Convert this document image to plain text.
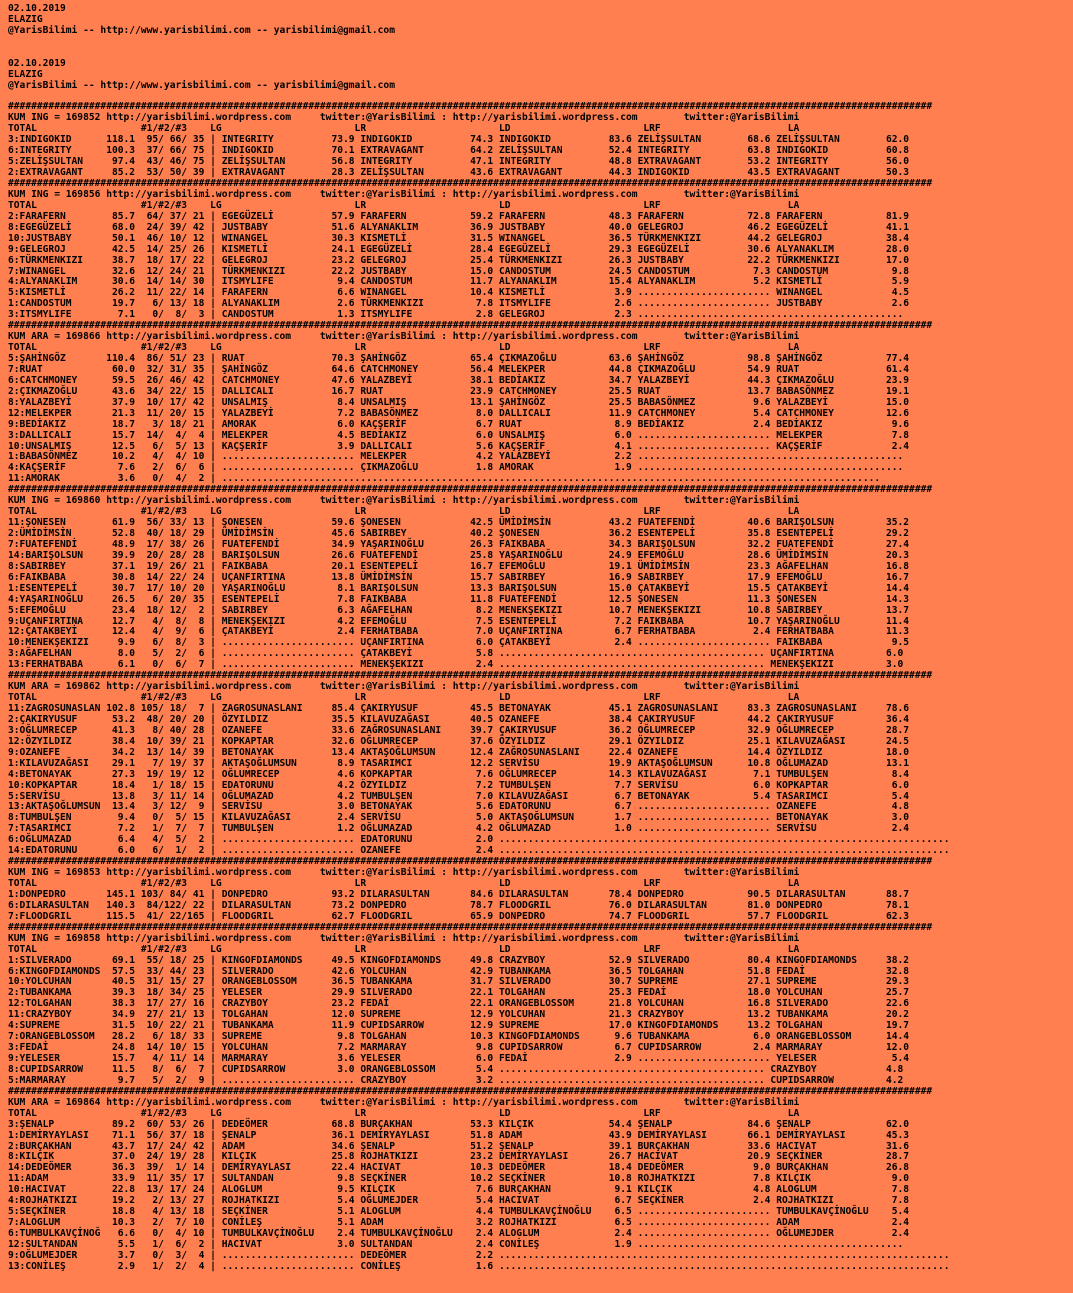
02.10.2019
ELAZIG
@YarisBilimi -- http://www.yarisbilimi.com -- yarisbilimi@gmail.com

02.10.2019
ELAZIG
@YarisBilimi -- http://www.yarisbilimi.com -- yarisbilimi@gmail.com

################################################################################################################################################################
KUM ING = 169852 http://yarisbilimi.wordpress.com     twitter:@YarisBilimi : http://yarisbilimi.wordpress.com        twitter:@YarisBilimi
TOTAL                  #1/#2/#3    LG                       LR                       LD                       LRF                      LA
3:INDIGOKID      118.1  95/ 66/ 35 | INTEGRITY          73.9 INDIGOKID          74.3 INDIGOKID          83.6 ZELİŞSULTAN        68.6 ZELİŞSULTAN        62.0
6:INTEGRITY      100.3  37/ 66/ 75 | INDIGOKID          70.1 EXTRAVAGANT        64.2 ZELİŞSULTAN        52.4 INTEGRITY          63.8 INDIGOKID          60.8
5:ZELİŞSULTAN     97.4  43/ 46/ 75 | ZELİŞSULTAN        56.8 INTEGRITY          47.1 INTEGRITY          48.8 EXTRAVAGANT        53.2 INTEGRITY          56.0
2:EXTRAVAGANT     85.2  53/ 50/ 39 | EXTRAVAGANT        28.3 ZELİŞSULTAN        43.6 EXTRAVAGANT        44.3 INDIGOKID          43.5 EXTRAVAGANT        50.3
################################################################################################################################################################
KUM ING = 169856 http://yarisbilimi.wordpress.com     twitter:@YarisBilimi : http://yarisbilimi.wordpress.com        twitter:@YarisBilimi
TOTAL                  #1/#2/#3    LG                       LR                       LD                       LRF                      LA
2:FARAFERN        85.7  64/ 37/ 21 | EGEGÜZELİ          57.9 FARAFERN           59.2 FARAFERN           48.3 FARAFERN           72.8 FARAFERN           81.9
8:EGEGÜZELİ       68.0  24/ 39/ 42 | JUSTBABY           51.6 ALYANAKLIM         36.9 JUSTBABY           40.0 GELEGROJ           46.2 EGEGÜZELİ          41.1
10:JUSTBABY       50.1  46/ 10/ 12 | WINANGEL           30.3 KISMETLİ           31.5 WINANGEL           36.5 TÜRKMENKIZI        44.2 GELEGROJ           38.4
9:GELEGROJ        42.5  14/ 25/ 26 | KISMETLİ           24.1 EGEGÜZELİ          28.4 EGEGÜZELİ          29.3 EGEGÜZELİ          30.6 ALYANAKLIM         28.0
6:TÜRKMENKIZI     38.7  18/ 17/ 22 | GELEGROJ           23.2 GELEGROJ           25.4 TÜRKMENKIZI        26.3 JUSTBABY           22.2 TÜRKMENKIZI        17.0
7:WINANGEL        32.6  12/ 24/ 21 | TÜRKMENKIZI        22.2 JUSTBABY           15.0 CANDOSTUM          24.5 CANDOSTUM           7.3 CANDOSTUM           9.8
4:ALYANAKLIM      30.6  14/ 14/ 30 | ITSMYLIFE           9.4 CANDOSTUM          11.7 ALYANAKLIM         15.4 ALYANAKLIM          5.2 KISMETLİ            5.9
5:KISMETLİ        26.2  11/ 22/ 14 | FARAFERN            6.6 WINANGEL           10.4 KISMETLİ            3.9 ....................... WINANGEL            4.5
1:CANDOSTUM       19.7   6/ 13/ 18 | ALYANAKLIM          2.6 TÜRKMENKIZI         7.8 ITSMYLIFE           2.6 ....................... JUSTBABY            2.6
3:ITSMYLIFE        7.1   0/  8/  3 | CANDOSTUM           1.3 ITSMYLIFE           2.8 GELEGROJ            2.3 ..............................................
################################################################################################################################################################
KUM ARA = 169866 http://yarisbilimi.wordpress.com     twitter:@YarisBilimi : http://yarisbilimi.wordpress.com        twitter:@YarisBilimi
TOTAL                  #1/#2/#3    LG                       LR                       LD                       LRF                      LA
5:ŞAHİNGÖZ       110.4  86/ 51/ 23 | RUAT               70.3 ŞAHİNGÖZ           65.4 ÇIKMAZOĞLU         63.6 ŞAHİNGÖZ           98.8 ŞAHİNGÖZ           77.4
7:RUAT            60.0  32/ 31/ 35 | ŞAHİNGÖZ           64.6 CATCHMONEY         56.4 MELEKPER           44.8 ÇIKMAZOĞLU         54.9 RUAT               61.4
6:CATCHMONEY      59.5  26/ 46/ 42 | CATCHMONEY         47.6 YALAZBEYİ          38.1 BEDİAKIZ           34.7 YALAZBEYİ          44.3 ÇIKMAZOĞLU         23.9
2:ÇIKMAZOĞLU      43.6  34/ 22/ 15 | DALLICALI          16.7 RUAT               23.9 CATCHMONEY         25.5 RUAT               13.7 BABASÖNMEZ         19.1
8:YALAZBEYİ       37.9  10/ 17/ 42 | UNSALMIŞ            8.4 UNSALMIŞ           13.1 ŞAHİNGÖZ           25.5 BABASÖNMEZ          9.6 YALAZBEYİ          15.0
12:MELEKPER       21.3  11/ 20/ 15 | YALAZBEYİ           7.2 BABASÖNMEZ          8.0 DALLICALI          11.9 CATCHMONEY          5.4 CATCHMONEY         12.6
9:BEDİAKIZ        18.7   3/ 18/ 21 | AMORAK              6.0 KAÇŞERİF            6.7 RUAT                8.9 BEDİAKIZ            2.4 BEDİAKIZ            9.6
3:DALLICALI       15.7  14/  4/  4 | MELEKPER            4.5 BEDİAKIZ            6.0 UNSALMIŞ            6.0 ....................... MELEKPER            7.8
10:UNSALMIŞ       12.5   6/  5/ 13 | KAÇŞERİF            3.9 DALLICALI           5.6 KAÇŞERİF            4.1 ....................... KAÇŞERİF            2.4
1:BABASÖNMEZ      10.2   4/  4/ 10 | ....................... MELEKPER            4.2 YALAZBEYİ           2.2 ..............................................
4:KAÇŞERİF         7.6   2/  6/  6 | ....................... ÇIKMAZOĞLU          1.8 AMORAK              1.9 ..............................................
11:AMORAK          3.6   0/  4/  2 | ..................................................................................................................
################################################################################################################################################################
KUM ING = 169860 http://yarisbilimi.wordpress.com     twitter:@YarisBilimi : http://yarisbilimi.wordpress.com        twitter:@YarisBilimi
TOTAL                  #1/#2/#3    LG                       LR                       LD                       LRF                      LA
11:ŞONESEN        61.9  56/ 33/ 13 | ŞONESEN            59.6 ŞONESEN            42.5 ÜMİDİMSİN          43.2 FUATEFENDİ         40.6 BARIŞOLSUN         35.2
2:ÜMİDİMSİN       52.8  40/ 18/ 29 | ÜMİDİMSİN          45.6 SABIRBEY           40.2 ŞONESEN            36.2 ESENTEPELİ         35.8 ESENTEPELİ         29.2
7:FUATEFENDİ      48.9  17/ 38/ 26 | FUATEFENDİ         34.9 YAŞARINOĞLU        26.3 FAIKBABA           34.3 BARIŞOLSUN         32.2 FUATEFENDİ         27.4
14:BARIŞOLSUN     39.9  20/ 28/ 28 | BARIŞOLSUN         26.6 FUATEFENDİ         25.8 YAŞARINOĞLU        24.9 EFEMOĞLU           28.6 ÜMİDİMSİN          20.3
8:SABIRBEY        37.1  19/ 26/ 21 | FAIKBABA           20.1 ESENTEPELİ         16.7 EFEMOĞLU           19.1 ÜMİDİMSİN          23.3 AĞAFELHAN          16.8
6:FAIKBABA        30.8  14/ 22/ 24 | UÇANFIRTINA        13.8 ÜMİDİMSİN          15.7 SABIRBEY           16.9 SABIRBEY           17.9 EFEMOĞLU           16.7
1:ESENTEPELİ      30.7  17/ 10/ 20 | YAŞARINOĞLU         8.1 BARIŞOLSUN         13.3 BARIŞOLSUN         15.0 ÇATAKBEYİ          15.5 ÇATAKBEYİ          14.4
4:YAŞARINOĞLU     26.5   6/ 20/ 35 | ESENTEPELİ          7.8 FAIKBABA           11.8 FUATEFENDİ         12.5 ŞONESEN            11.3 ŞONESEN            14.3
5:EFEMOĞLU        23.4  18/ 12/  2 | SABIRBEY            6.3 AĞAFELHAN           8.2 MENEKŞEKIZI        10.7 MENEKŞEKIZI        10.8 SABIRBEY           13.7
9:UÇANFIRTINA     12.7   4/  8/  8 | MENEKŞEKIZI         4.2 EFEMOĞLU            7.5 ESENTEPELİ          7.2 FAIKBABA           10.7 YAŞARINOĞLU        11.4
12:ÇATAKBEYİ      12.4   4/  9/  6 | ÇATAKBEYİ           2.4 FERHATBABA          7.0 UÇANFIRTINA         6.7 FERHATBABA          2.4 FERHATBABA         11.3
10:MENEKŞEKIZI     9.9   6/  8/  3 | ....................... UÇANFIRTINA         6.0 ÇATAKBEYİ           2.4 ....................... FAIKBABA            9.5
3:AĞAFELHAN        8.0   5/  2/  6 | ....................... ÇATAKBEYİ           5.8 .............................................. UÇANFIRTINA         6.0
13:FERHATBABA      6.1   0/  6/  7 | ....................... MENEKŞEKIZI         2.4 .............................................. MENEKŞEKIZI         3.0
################################################################################################################################################################
KUM ARA = 169862 http://yarisbilimi.wordpress.com     twitter:@YarisBilimi : http://yarisbilimi.wordpress.com        twitter:@YarisBilimi
TOTAL                  #1/#2/#3    LG                       LR                       LD                       LRF                      LA
11:ZAGROSUNASLAN 102.8 105/ 18/  7 | ZAGROSUNASLANI     85.4 ÇAKIRYUSUF         45.5 BETONAYAK          45.1 ZAGROSUNASLANI     83.3 ZAGROSUNASLANI     78.6
2:ÇAKIRYUSUF      53.2  48/ 20/ 20 | ÖZYILDIZ           35.5 KILAVUZAĞASI       40.5 OZANEFE            38.4 ÇAKIRYUSUF         44.2 ÇAKIRYUSUF         36.4
3:OĞLUMRECEP      41.3   8/ 40/ 28 | OZANEFE            33.6 ZAĞROSUNASLANI     39.7 ÇAKIRYUSUF         36.2 OĞLUMRECEP         32.9 OĞLUMRECEP         28.7
12:ÖZYILDIZ       38.4  10/ 39/ 21 | KOPKAPTAR          32.6 OĞLUMRECEP         37.6 ÖZYILDIZ           29.1 ÖZYILDIZ           25.1 KILAVUZAĞASI       24.5
9:OZANEFE         34.2  13/ 14/ 39 | BETONAYAK          13.4 AKTAŞOĞLUMSUN      12.4 ZAĞROSUNASLANI     22.4 OZANEFE            14.4 ÖZYILDIZ           18.0
1:KILAVUZAĞASI    29.1   7/ 19/ 37 | AKTAŞOĞLUMSUN       8.9 TASARIMCI          12.2 SERVİSU            19.9 AKTAŞOĞLUMSUN      10.8 OĞLUMAZAD          13.1
4:BETONAYAK       27.3  19/ 19/ 12 | OĞLUMRECEP          4.6 KOPKAPTAR           7.6 OĞLUMRECEP         14.3 KILAVUZAĞASI        7.1 TUMBULŞEN           8.4
10:KOPKAPTAR      18.4   1/ 18/ 15 | EDATORUNU           4.2 ÖZYILDIZ            7.2 TUMBULŞEN           7.7 SERVİSU             6.0 KOPKAPTAR           6.0
5:SERVİSU         13.8   3/ 11/ 14 | OĞLUMAZAD           4.2 TUMBULŞEN           7.0 KILAVUZAĞASI        6.7 BETONAYAK           5.4 TASARIMCI           5.4
13:AKTAŞOĞLUMSUN  13.4   3/ 12/  9 | SERVİSU             3.0 BETONAYAK           5.6 EDATORUNU           6.7 ....................... OZANEFE             4.8
8:TUMBULŞEN        9.4   0/  5/ 15 | KILAVUZAĞASI        2.4 SERVİSU             5.0 AKTAŞOĞLUMSUN       1.7 ....................... BETONAYAK           3.0
7:TASARIMCI        7.2   1/  7/  7 | TUMBULŞEN           1.2 OĞLUMAZAD           4.2 OĞLUMAZAD           1.0 ....................... SERVİSU             2.4
6:OĞLUMAZAD        6.4   4/  5/  2 | ....................... EDATORUNU           2.0 ..............................................................................
14:EDATORUNU       6.0   6/  1/  2 | ....................... OZANEFE             2.4 ..............................................................................
################################################################################################################################################################
KUM ING = 169853 http://yarisbilimi.wordpress.com     twitter:@YarisBilimi : http://yarisbilimi.wordpress.com        twitter:@YarisBilimi
TOTAL                  #1/#2/#3    LG                       LR                       LD                       LRF                      LA
1:DONPEDRO       145.1 103/ 84/ 41 | DONPEDRO           93.2 DILARASULTAN       84.6 DILARASULTAN       78.4 DONPEDRO           90.5 DILARASULTAN       88.7
6:DILARASULTAN   140.3  84/122/ 22 | DILARASULTAN       73.2 DONPEDRO           78.7 FLOODGRIL          76.0 DILARASULTAN       81.0 DONPEDRO           78.1
7:FLOODGRIL      115.5  41/ 22/165 | FLOODGRIL          62.7 FLOODGRIL          65.9 DONPEDRO           74.7 FLOODGRIL          57.7 FLOODGRIL          62.3
################################################################################################################################################################
KUM ING = 169858 http://yarisbilimi.wordpress.com     twitter:@YarisBilimi : http://yarisbilimi.wordpress.com        twitter:@YarisBilimi
TOTAL                  #1/#2/#3    LG                       LR                       LD                       LRF                      LA
1:SILVERADO       69.1  55/ 18/ 25 | KINGOFDIAMONDS     49.5 KINGOFDIAMONDS     49.8 CRAZYBOY           52.9 SILVERADO          80.4 KINGOFDIAMONDS     38.2
6:KINGOFDIAMONDS  57.5  33/ 44/ 23 | SILVERADO          42.6 YOLCUHAN           42.9 TUBANKAMA          36.5 TOLGAHAN           51.8 FEDAİ              32.8
10:YOLCUHAN       40.5  31/ 15/ 27 | ORANGEBLOSSOM      36.5 TUBANKAMA          31.7 SILVERADO          30.7 SUPREME            27.1 SUPREME            29.3
2:TUBANKAMA       39.3  18/ 34/ 25 | YELESER            29.9 SILVERADO          22.1 TOLGAHAN           25.3 FEDAİ              18.0 YOLCUHAN           25.7
12:TOLGAHAN       38.3  17/ 27/ 16 | CRAZYBOY           23.2 FEDAİ              22.1 ORANGEBLOSSOM      21.8 YOLCUHAN           16.8 SILVERADO          22.6
11:CRAZYBOY       34.9  27/ 21/ 13 | TOLGAHAN           12.0 SUPREME            12.9 YOLCUHAN           21.3 CRAZYBOY           13.2 TUBANKAMA          20.2
4:SUPREME         31.5  10/ 22/ 21 | TUBANKAMA          11.9 CUPIDSARROW        12.9 SUPREME            17.0 KINGOFDIAMONDS     13.2 TOLGAHAN           19.7
7:ORANGEBLOSSOM   28.2   6/ 18/ 33 | SUPREME             9.8 TOLGAHAN           10.3 KINGOFDIAMONDS      9.6 TUBANKAMA           6.0 ORANGEBLOSSOM      14.4
3:FEDAİ           24.8  14/ 10/ 15 | YOLCUHAN            7.2 MARMARAY            9.8 CUPIDSARROW         6.7 CUPIDSARROW         2.4 MARMARAY           12.0
9:YELESER         15.7   4/ 11/ 14 | MARMARAY            3.6 YELESER             6.0 FEDAİ               2.9 ....................... YELESER             5.4
8:CUPIDSARROW     11.5   8/  6/  7 | CUPIDSARROW         3.0 ORANGEBLOSSOM       5.4 .............................................. CRAZYBOY            4.8
5:MARMARAY         9.7   5/  2/  9 | ....................... CRAZYBOY            3.2 .............................................. CUPIDSARROW         4.2
################################################################################################################################################################
KUM ARA = 169864 http://yarisbilimi.wordpress.com     twitter:@YarisBilimi : http://yarisbilimi.wordpress.com        twitter:@YarisBilimi
TOTAL                  #1/#2/#3    LG                       LR                       LD                       LRF                      LA
3:ŞENALP          89.2  60/ 53/ 26 | DEDEÖMER           68.8 BURÇAKHAN          53.3 KILÇIK             54.4 ŞENALP             84.6 ŞENALP             62.0
1:DEMİRYAYLASI    71.1  56/ 37/ 18 | ŞENALP             36.1 DEMİRYAYLASI       51.8 ADAM               43.9 DEMİRYAYLASI       66.1 DEMİRYAYLASI       45.3
2:BURÇAKHAN       43.7  17/ 24/ 42 | ADAM               34.6 ŞENALP             51.2 ŞENALP             39.1 BURÇAKHAN          33.6 HACIVAT            31.6
8:KILÇIK          37.0  24/ 19/ 28 | KILÇIK             25.8 ROJHATKIZI         23.2 DEMİRYAYLASI       26.7 HACIVAT            20.9 SEÇKİNER           28.7
14:DEDEÖMER       36.3  39/  1/ 14 | DEMİRYAYLASI       22.4 HACIVAT            10.3 DEDEÖMER           18.4 DEDEÖMER            9.0 BURÇAKHAN          26.8
11:ADAM           33.9  11/ 35/ 17 | SULTANDAN           9.8 SEÇKİNER           10.2 SEÇKİNER           10.8 ROJHATKIZI          7.8 KILÇIK              9.0
10:HACIVAT        22.8  13/ 17/ 24 | ALOGLUM             9.5 KILÇIK              7.6 BURÇAKHAN           9.1 KILÇIK              4.8 ALOGLUM             7.8
4:ROJHATKIZI      19.2   2/ 13/ 27 | ROJHATKIZI          5.4 OĞLUMEJDER          5.4 HACIVAT             6.7 SEÇKİNER            2.4 ROJHATKIZI          7.8
5:SEÇKİNER        18.8   4/ 13/ 18 | SEÇKİNER            5.1 ALOGLUM             4.4 TUMBULKAVÇİNOĞLU    6.5 ....................... TUMBULKAVÇİNOĞLU    5.4
7:ALOGLUM         10.3   2/  7/ 10 | CONİLEŞ             5.1 ADAM                3.2 ROJHATKIZI          6.5 ....................... ADAM                2.4
6:TUMBULKAVÇİNOĞ   6.6   0/  4/ 10 | TUMBULKAVÇİNOĞLU    2.4 TUMBULKAVÇİNOĞLU    2.4 ALOGLUM             2.4 ....................... OĞLUMEJDER          2.4
12:SULTANDAN       5.5   1/  6/  2 | HACIVAT             3.0 SULTANDAN           2.4 CONİLEŞ             1.9 ..............................................
9:OĞLUMEJDER       3.7   0/  3/  4 | ....................... DEDEÖMER            2.2 ..............................................................................
13:CONİLEŞ         2.9   1/  2/  4 | ....................... CONİLEŞ             1.6 ..............................................................................
